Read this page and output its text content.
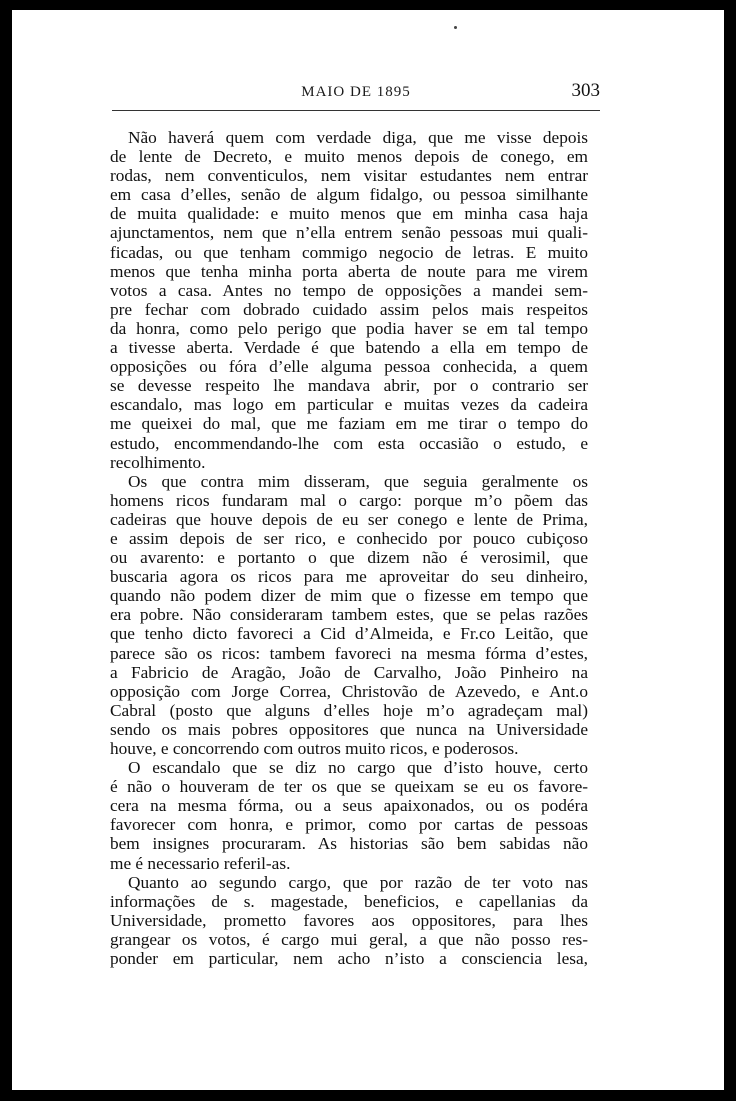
MAIO DE 1895	303
Não haverá quem com verdade diga, que me visse depois
de lente de Decreto, e muito menos depois de conego, em
rodas, nem conventiculos, nem visitar estudantes nem entrar
em casa d’elles, senão de algum fidalgo, ou pessoa similhante
de muita qualidade: e muito menos que em minha casa haja
ajunctamentos, nem que n’ella entrem senão pessoas mui quali-
ficadas, ou que tenham commigo negocio de letras. E muito
menos que tenha minha porta aberta de noute para me virem
votos a casa. Antes no tempo de opposições a mandei sem-
pre fechar com dobrado cuidado assim pelos mais respeitos
da honra, como pelo perigo que podia haver se em tal tempo
a tivesse aberta. Verdade é que batendo a ella em tempo de
opposições ou fóra d’elle alguma pessoa conhecida, a quem
se devesse respeito lhe mandava abrir, por o contrario ser
escandalo, mas logo em particular e muitas vezes da cadeira
me queixei do mal, que me faziam em me tirar o tempo do
estudo, encommendando-lhe com esta occasião o estudo, e
recolhimento.
Os que contra mim disseram, que seguia geralmente os
homens ricos fundaram mal o cargo: porque m’o põem das
cadeiras que houve depois de eu ser conego e lente de Prima,
e assim depois de ser rico, e conhecido por pouco cubiçoso
ou avarento: e portanto o que dizem não é verosimil, que
buscaria agora os ricos para me aproveitar do seu dinheiro,
quando não podem dizer de mim que o fizesse em tempo que
era pobre. Não consideraram tambem estes, que se pelas razões
que tenho dicto favoreci a Cid d’Almeida, e Fr.co Leitão, que
parece são os ricos: tambem favoreci na mesma fórma d’estes,
a Fabricio de Aragão, João de Carvalho, João Pinheiro na
opposição com Jorge Correa, Christovão de Azevedo, e Ant.o
Cabral (posto que alguns d’elles hoje m’o agradeçam mal)
sendo os mais pobres oppositores que nunca na Universidade
houve, e concorrendo com outros muito ricos, e poderosos.
O escandalo que se diz no cargo que d’isto houve, certo
é não o houveram de ter os que se queixam se eu os favore-
cera na mesma fórma, ou a seus apaixonados, ou os podéra
favorecer com honra, e primor, como por cartas de pessoas
bem insignes procuraram. As historias são bem sabidas não
me é necessario referil-as.
Quanto ao segundo cargo, que por razão de ter voto nas
informações de s. magestade, beneficios, e capellanias da
Universidade, prometto favores aos oppositores, para lhes
grangear os votos, é cargo mui geral, a que não posso res-
ponder em particular, nem acho n’isto a consciencia lesa,
